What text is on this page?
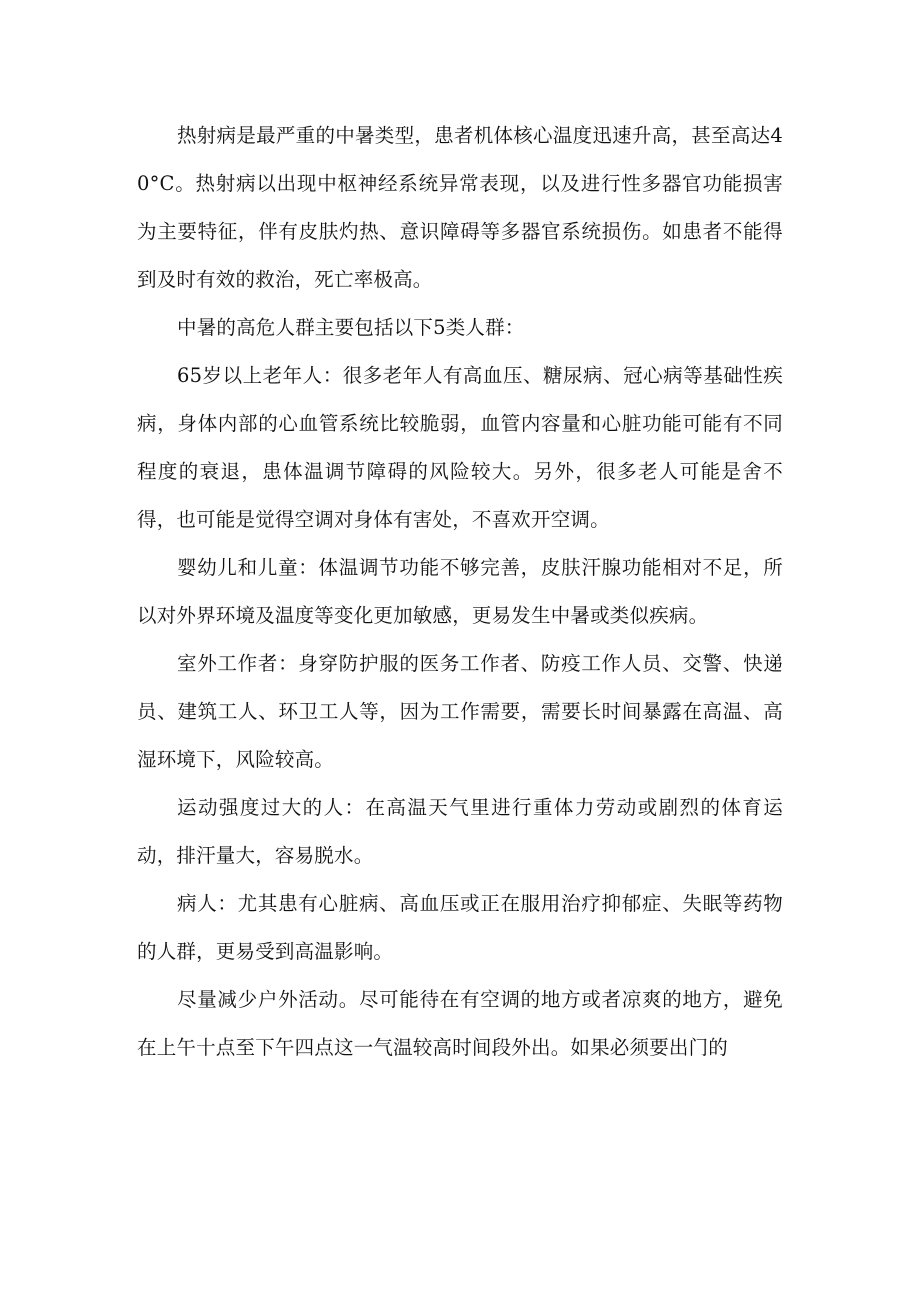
热射病是最严重的中暑类型，患者机体核心温度迅速升高，甚至高达40°C。热射病以出现中枢神经系统异常表现，以及进行性多器官功能损害为主要特征，伴有皮肤灼热、意识障碍等多器官系统损伤。如患者不能得到及时有效的救治，死亡率极高。

中暑的高危人群主要包括以下5类人群：

65岁以上老年人：很多老年人有高血压、糖尿病、冠心病等基础性疾病，身体内部的心血管系统比较脆弱，血管内容量和心脏功能可能有不同程度的衰退，患体温调节障碍的风险较大。另外，很多老人可能是舍不得，也可能是觉得空调对身体有害处，不喜欢开空调。

婴幼儿和儿童：体温调节功能不够完善，皮肤汗腺功能相对不足，所以对外界环境及温度等变化更加敏感，更易发生中暑或类似疾病。

室外工作者：身穿防护服的医务工作者、防疫工作人员、交警、快递员、建筑工人、环卫工人等，因为工作需要，需要长时间暴露在高温、高湿环境下，风险较高。

运动强度过大的人：在高温天气里进行重体力劳动或剧烈的体育运动，排汗量大，容易脱水。

病人：尤其患有心脏病、高血压或正在服用治疗抑郁症、失眠等药物的人群，更易受到高温影响。

尽量减少户外活动。尽可能待在有空调的地方或者凉爽的地方，避免在上午十点至下午四点这一气温较高时间段外出。如果必须要出门的
